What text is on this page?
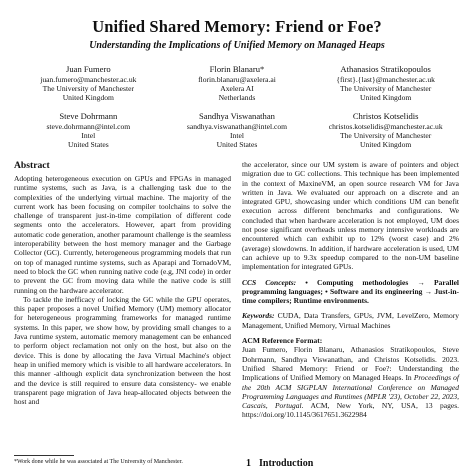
Unified Shared Memory: Friend or Foe?
Understanding the Implications of Unified Memory on Managed Heaps
Juan Fumero
juan.fumero@manchester.ac.uk
The University of Manchester
United Kingdom
Florin Blanaru*
florin.blanaru@axelera.ai
Axelera AI
Netherlands
Athanasios Stratikopoulos
{first}.{last}@manchester.ac.uk
The University of Manchester
United Kingdom
Steve Dohrmann
steve.dohrmann@intel.com
Intel
United States
Sandhya Viswanathan
sandhya.viswanathan@intel.com
Intel
United States
Christos Kotselidis
christos.kotselidis@manchester.ac.uk
The University of Manchester
United Kingdom
Abstract

Adopting heterogeneous execution on GPUs and FPGAs in managed runtime systems, such as Java, is a challenging task due to the complexities of the underlying virtual machine. The majority of the current work has been focusing on compiler toolchains to solve the challenge of transparent just-in-time compilation of different code segments onto the accelerators. However, apart from providing automatic code generation, another paramount challenge is the seamless interoperability between the host memory manager and the Garbage Collector (GC). Currently, heterogeneous programming models that run on top of managed runtime systems, such as Aparapi and TornadoVM, need to block the GC when running native code (e.g, JNI code) in order to prevent the GC from moving data while the native code is still running on the hardware accelerator.

To tackle the inefficacy of locking the GC while the GPU operates, this paper proposes a novel Unified Memory (UM) memory allocator for heterogeneous programming frameworks for managed runtime systems. In this paper, we show how, by providing small changes to a Java runtime system, automatic memory management can be enhanced to perform object reclamation not only on the host, but also on the device. This is done by allocating the Java Virtual Machine's object heap in unified memory which is visible to all hardware accelerators. In this manner -although explicit data synchronization between the host and the device is still required to ensure data consistency- we enable transparent page migration of Java heap-allocated objects between the host and

the accelerator, since our UM system is aware of pointers and object migration due to GC collections. This technique has been implemented in the context of MaxineVM, an open source research VM for Java written in Java. We evaluated our approach on a discrete and an integrated GPU, showcasing under which conditions UM can benefit execution across different benchmarks and configurations. We concluded that when hardware acceleration is not employed, UM does not pose significant overheads unless memory intensive workloads are encountered which can exhibit up to 12% (worst case) and 2% (average) slowdowns. In addition, if hardware acceleration is used, UM can achieve up to 9.3x speedup compared to the non-UM baseline implementation for integrated GPUs.

CCS Concepts: • Computing methodologies → Parallel programming languages; • Software and its engineering → Just-in-time compilers; Runtime environments.
Keywords: CUDA, Data Transfers, GPUs, JVM, LevelZero, Memory Management, Unified Memory, Virtual Machines
ACM Reference Format:
Juan Fumero, Florin Blanaru, Athanasios Stratikopoulos, Steve Dohrmann, Sandhya Viswanathan, and Christos Kotselidis. 2023. Unified Shared Memory: Friend or Foe?: Understanding the Implications of Unified Memory on Managed Heaps. In Proceedings of the 20th ACM SIGPLAN International Conference on Managed Programming Languages and Runtimes (MPLR '23), October 22, 2023, Cascais, Portugal. ACM, New York, NY, USA, 13 pages. https://doi.org/10.1145/3617651.3622984
*Work done while he was associated at The University of Manchester.	1 Introduction
